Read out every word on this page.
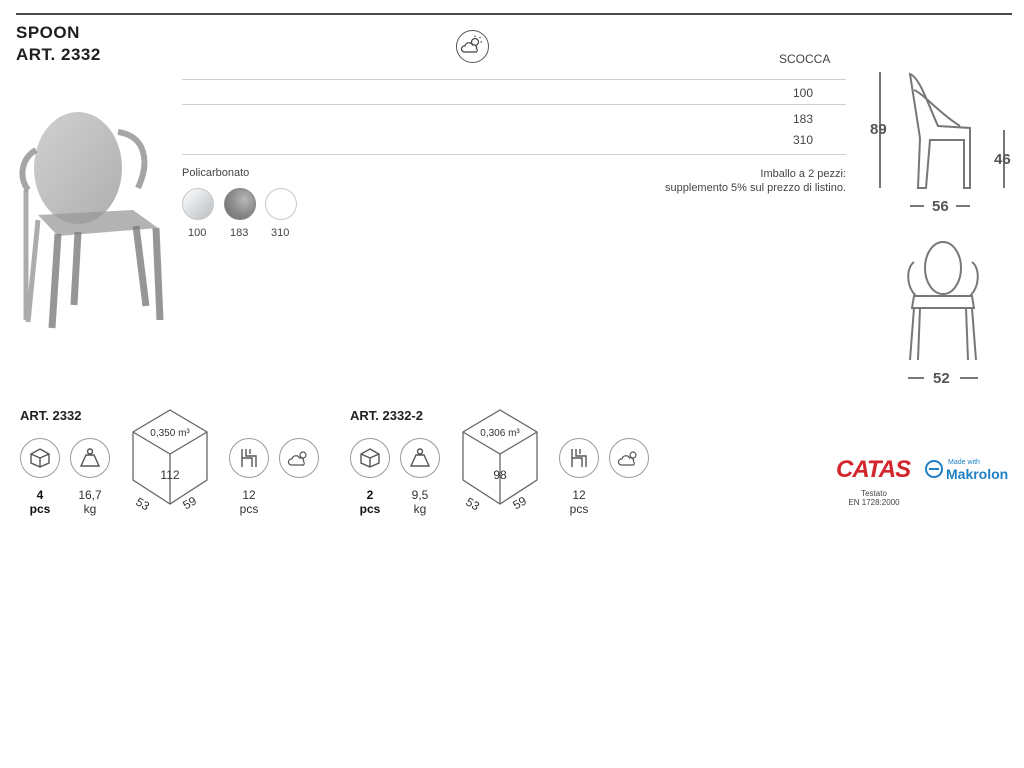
SPOON
ART. 2332	SCOCCA
100
183
310
Policarbonato
100 183 310
Imballo a 2 pezzi:
supplemento 5% sul prezzo di listino.
89
46
56
52
ART. 2332
4
pcs
16,7
kg
0,350 m³
112
53 59	12
pcs
ART. 2332-2
2
pcs
9,5
kg
0,306 m³
98
53 59	12
pcs
CATAS
Testato
EN 1728:2000
Made with
Makrolon
